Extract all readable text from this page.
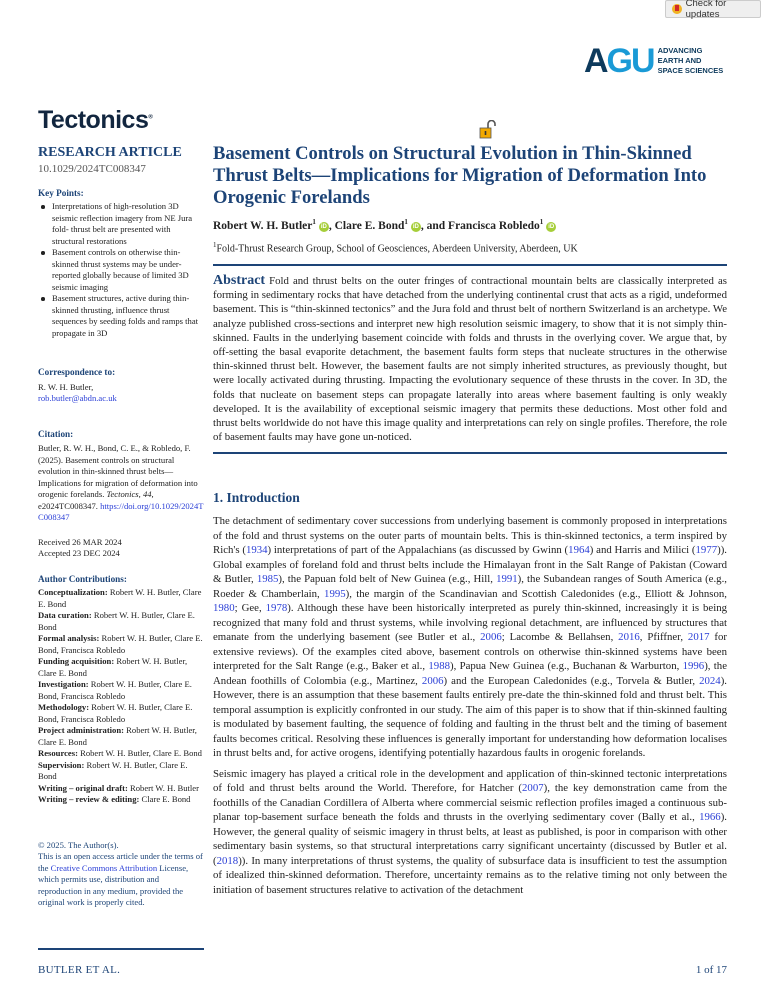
Check for updates
AGU ADVANCING
EARTH AND
SPACE SCIENCES
Tectonics®
RESEARCH ARTICLE
10.1029/2024TC008347
Key Points:
Interpretations of high-resolution 3D seismic reflection imagery from NE Jura fold- thrust belt are presented with structural restorations
Basement controls on otherwise thin-skinned thrust systems may be under-reported globally because of limited 3D seismic imaging
Basement structures, active during thin-skinned thrusting, influence thrust sequences by seeding folds and ramps that propagate in 3D
Correspondence to:

R. W. H. Butler,

rob.butler@abdn.ac.uk

Citation:

Butler, R. W. H., Bond, C. E., & Robledo, F. (2025). Basement controls on structural evolution in thin-skinned thrust belts—Implications for migration of deformation into orogenic forelands. Tectonics, 44, e2024TC008347. https://doi.org/10.1029/2024TC008347

Received 26 MAR 2024

Accepted 23 DEC 2024

Author Contributions:

Conceptualization: Robert W. H. Butler, Clare E. Bond

Data curation: Robert W. H. Butler, Clare E. Bond

Formal analysis: Robert W. H. Butler, Clare E. Bond, Francisca Robledo

Funding acquisition: Robert W. H. Butler, Clare E. Bond

Investigation: Robert W. H. Butler, Clare E. Bond, Francisca Robledo

Methodology: Robert W. H. Butler, Clare E. Bond, Francisca Robledo

Project administration: Robert W. H. Butler, Clare E. Bond

Resources: Robert W. H. Butler, Clare E. Bond

Supervision: Robert W. H. Butler, Clare E. Bond

Writing – original draft: Robert W. H. Butler

Writing – review & editing: Clare E. Bond

© 2025. The Author(s).

This is an open access article under the terms of the Creative Commons Attribution License, which permits use, distribution and reproduction in any medium, provided the original work is properly cited.

Basement Controls on Structural Evolution in Thin-Skinned Thrust Belts—Implications for Migration of Deformation Into Orogenic Forelands
Robert W. H. Butler$^1$iD , Clare E. Bond$^1$iD , and Francisca Robledo$^1$iD
$^1$Fold-Thrust Research Group, School of Geosciences, Aberdeen University, Aberdeen, UK
Abstract Fold and thrust belts on the outer fringes of contractional mountain belts are classically interpreted as forming in sedimentary rocks that have detached from the underlying continental crust that acts as a rigid, undeformed basement. This is “thin-skinned tectonics” and the Jura fold and thrust belt of northern Switzerland is an archetype. We analyze published cross-sections and interpret new high resolution seismic imagery, to show that it is not simply thin-skinned. Faults in the underlying basement coincide with folds and thrusts in the overlying cover. We argue that, by off-setting the basal evaporite detachment, the basement faults form steps that nucleate structures in the otherwise thin-skinned thrust belt. However, the basement faults are not simply inherited structures, as previously thought, but were locally activated during thrusting. Impacting the evolutionary sequence of these thrusts in the cover. In 3D, the folds that nucleate on basement steps can propagate laterally into areas where basement faulting is only weakly developed. It is the availability of exceptional seismic imagery that permits these deductions. Most other fold and thrust belts worldwide do not have this image quality and interpretations can rely on single profiles. Therefore, the role of basement faults may have gone un-noticed.
1. Introduction

The detachment of sedimentary cover successions from underlying basement is commonly proposed in interpretations of the fold and thrust systems on the outer parts of mountain belts. This is thin-skinned tectonics, a term inspired by Rich's (1934) interpretations of part of the Appalachians (as discussed by Gwinn (1964) and Harris and Milici (1977)). Global examples of foreland fold and thrust belts include the Himalayan front in the Salt Range of Pakistan (Coward & Butler, 1985), the Papuan fold belt of New Guinea (e.g., Hill, 1991), the Subandean ranges of South America (e.g., Roeder & Chamberlain, 1995), the margin of the Scandinavian and Scottish Caledonides (e.g., Elliott & Johnson, 1980; Gee, 1978). Although these have been historically interpreted as purely thin-skinned, increasingly it is being recognized that many fold and thrust systems, while involving regional detachment, are influenced by structures that emanate from the underlying basement (see Butler et al., 2006; Lacombe & Bellahsen, 2016, Pfiffner, 2017 for extensive reviews). Of the examples cited above, basement controls on otherwise thin-skinned systems have been interpreted for the Salt Range (e.g., Baker et al., 1988), Papua New Guinea (e.g., Buchanan & Warburton, 1996), the Andean foothills of Colombia (e.g., Martinez, 2006) and the European Caledonides (e.g., Torvela & Butler, 2024). However, there is an assumption that these basement faults entirely pre-date the thin-skinned fold and thrust belt. This temporal assumption is explicitly confronted in our study. The aim of this paper is to show that if thin-skinned faulting is modulated by basement faulting, the sequence of folding and faulting in the thrust belt and the timing of basement faults becomes critical. Resolving these influences is generally important for understanding how deformation localises in thrust belts and, for active orogens, identifying potentially hazardous faults in orogenic forelands.

Seismic imagery has played a critical role in the development and application of thin-skinned tectonic interpretations of fold and thrust belts around the World. Therefore, for Hatcher (2007), the key demonstration came from the foothills of the Canadian Cordillera of Alberta where commercial seismic reflection profiles imaged a continuous sub-planar top-basement surface beneath the folds and thrusts in the overlying sedimentary cover (Bally et al., 1966). However, the general quality of seismic imagery in thrust belts, at least as published, is poor in comparison with other sedimentary basin systems, so that structural interpretations carry significant uncertainty (discussed by Butler et al. (2018)). In many interpretations of thrust systems, the quality of subsurface data is insufficient to test the assumption of idealized thin-skinned deformation. Therefore, uncertainty remains as to the relative timing not only between the initiation of basement structures relative to activation of the detachment

BUTLER ET AL.	1 of 17
